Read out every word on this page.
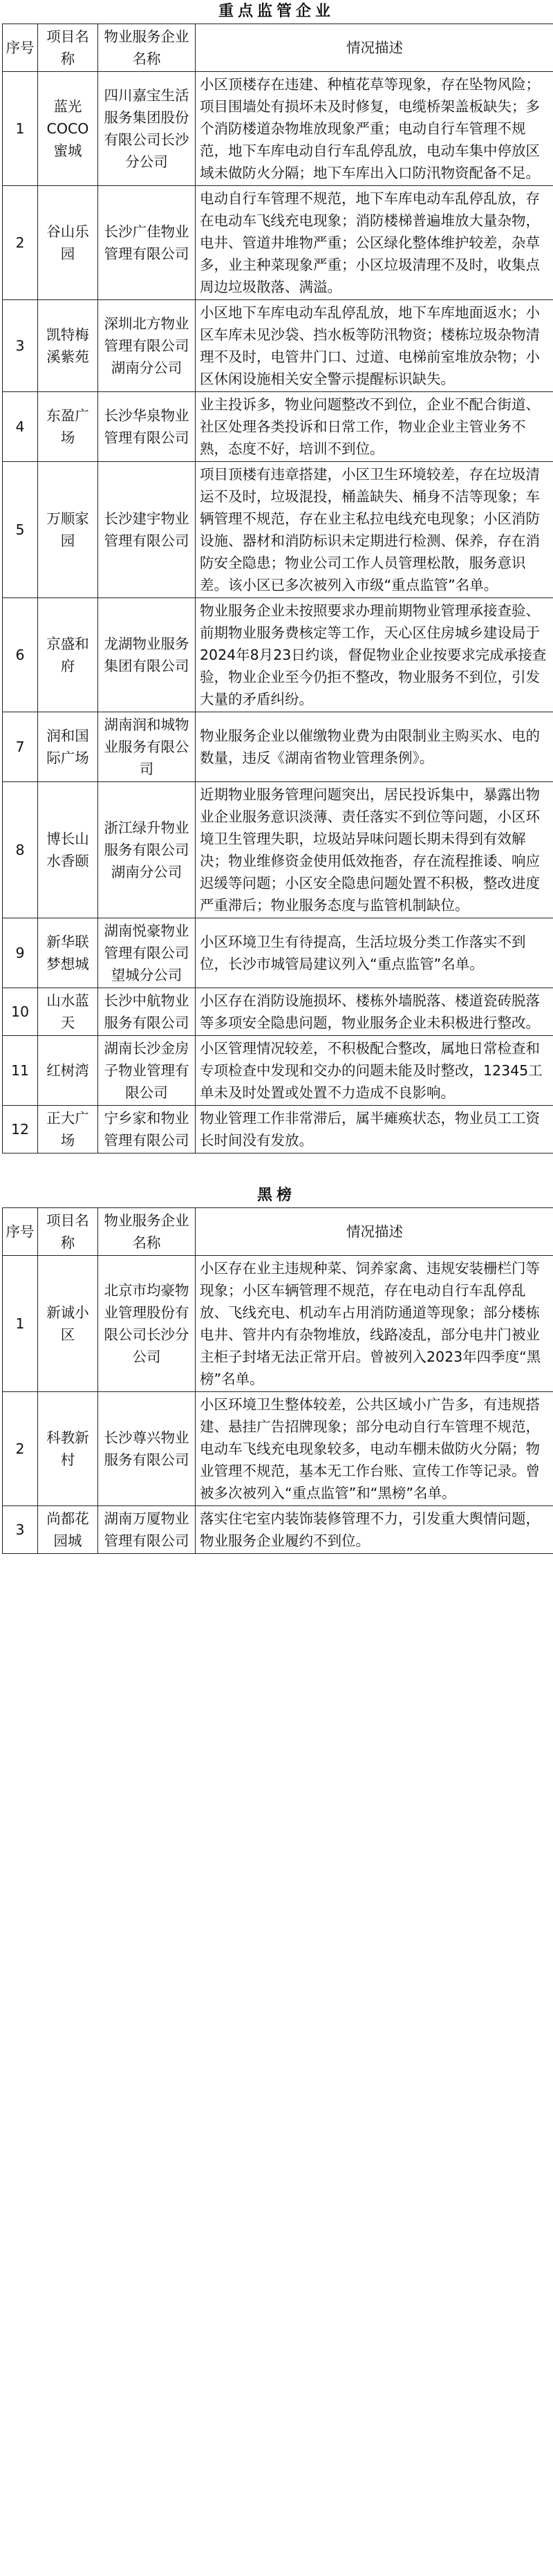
重点监管企业
序号	项目名称	物业服务企业名称	情况描述

1	蓝光COCO蜜城	四川嘉宝生活服务集团股份有限公司长沙分公司	小区顶楼存在违建、种植花草等现象，存在坠物风险；项目围墙处有损坏未及时修复，电缆桥架盖板缺失；多个消防楼道杂物堆放现象严重；电动自行车管理不规范，地下车库电动自行车乱停乱放，电动车集中停放区域未做防火分隔；地下车库出入口防汛物资配备不足。

2	谷山乐园	长沙广佳物业管理有限公司	电动自行车管理不规范，地下车库电动车乱停乱放，存在电动车飞线充电现象；消防楼梯普遍堆放大量杂物，电井、管道井堆物严重；公区绿化整体维护较差，杂草多，业主种菜现象严重；小区垃圾清理不及时，收集点周边垃圾散落、满溢。

3	凯特梅溪紫苑	深圳北方物业管理有限公司湖南分公司	小区地下车库电动车乱停乱放，地下车库地面返水；小区车库未见沙袋、挡水板等防汛物资；楼栋垃圾杂物清理不及时，电管井门口、过道、电梯前室堆放杂物；小区休闲设施相关安全警示提醒标识缺失。

4	东盈广场	长沙华泉物业管理有限公司	业主投诉多，物业问题整改不到位，企业不配合街道、社区处理各类投诉和日常工作，物业企业主管业务不熟，态度不好，培训不到位。

5	万顺家园	长沙建宇物业管理有限公司	项目顶楼有违章搭建，小区卫生环境较差，存在垃圾清运不及时，垃圾混投，桶盖缺失、桶身不洁等现象；车辆管理不规范，存在业主私拉电线充电现象；小区消防设施、器材和消防标识未定期进行检测、保养，存在消防安全隐患；物业公司工作人员管理松散，服务意识差。该小区已多次被列入市级“重点监管”名单。

6	京盛和府	龙湖物业服务集团有限公司	物业服务企业未按照要求办理前期物业管理承接查验、前期物业服务费核定等工作，天心区住房城乡建设局于2024年8月23日约谈，督促物业企业按要求完成承接查验，物业企业至今仍拒不整改，物业服务不到位，引发大量的矛盾纠纷。

7	润和国际广场	湖南润和城物业服务有限公司	物业服务企业以催缴物业费为由限制业主购买水、电的数量，违反《湖南省物业管理条例》。

8	博长山水香颐	浙江绿升物业服务有限公司湖南分公司	近期物业服务管理问题突出，居民投诉集中，暴露出物业企业服务意识淡薄、责任落实不到位等问题，小区环境卫生管理失职，垃圾站异味问题长期未得到有效解决；物业维修资金使用低效拖沓，存在流程推诿、响应迟缓等问题；小区安全隐患问题处置不积极，整改进度严重滞后；物业服务态度与监管机制缺位。

9	新华联梦想城	湖南悦豪物业管理有限公司望城分公司	小区环境卫生有待提高，生活垃圾分类工作落实不到位，长沙市城管局建议列入“重点监管”名单。

10	山水蓝天	长沙中航物业服务有限公司	小区存在消防设施损坏、楼栋外墙脱落、楼道瓷砖脱落等多项安全隐患问题，物业服务企业未积极进行整改。

11	红树湾	湖南长沙金房子物业管理有限公司	小区管理情况较差，不积极配合整改，属地日常检查和专项检查中发现和交办的问题未能及时整改，12345工单未及时处置或处置不力造成不良影响。

12	正大广场	宁乡家和物业管理有限公司	物业管理工作非常滞后，属半瘫痪状态，物业员工工资长时间没有发放。
黑榜
序号	项目名称	物业服务企业名称	情况描述

1	新诚小区	北京市均豪物业管理股份有限公司长沙分公司	小区存在业主违规种菜、饲养家禽、违规安装栅栏门等现象；小区车辆管理不规范，存在电动自行车乱停乱放、飞线充电、机动车占用消防通道等现象；部分楼栋电井、管井内有杂物堆放，线路凌乱，部分电井门被业主柜子封堵无法正常开启。曾被列入2023年四季度“黑榜”名单。

2	科教新村	长沙尊兴物业服务有限公司	小区环境卫生整体较差，公共区域小广告多，有违规搭建、悬挂广告招牌现象；部分电动自行车管理不规范，电动车飞线充电现象较多，电动车棚未做防火分隔；物业管理不规范，基本无工作台账、宣传工作等记录。曾被多次被列入“重点监管”和“黑榜”名单。

3	尚都花园城	湖南万厦物业管理有限公司	落实住宅室内装饰装修管理不力，引发重大舆情问题，物业服务企业履约不到位。
